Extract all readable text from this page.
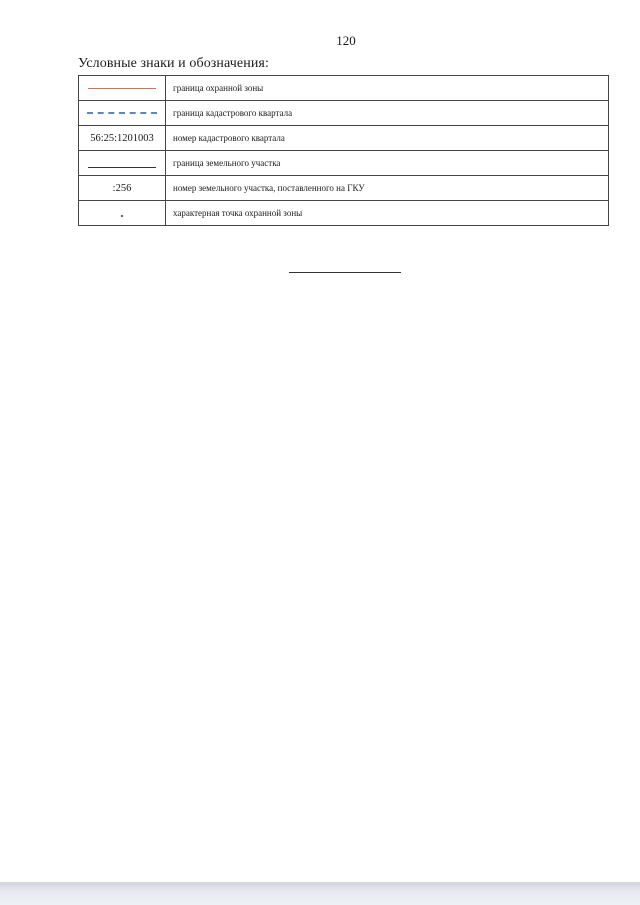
120
Условные знаки и обозначения:
	граница охранной зоны
	граница кадастрового квартала
56:25:1201003	номер кадастрового квартала
	граница земельного участка
:256	номер земельного участка, поставленного на ГКУ
	характерная точка охранной зоны
